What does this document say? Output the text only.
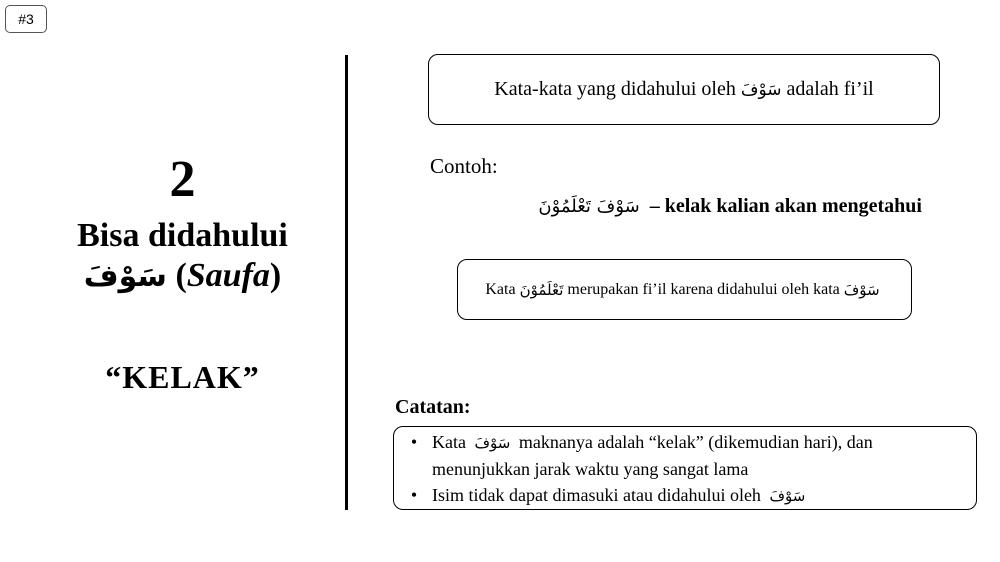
#3
2
Bisa didahului
سَوْفَ (Saufa)
“KELAK”
Kata-kata yang didahului oleh سَوْفَ adalah fi’il
Contoh:
سَوْفَ تَعْلَمُوْنَ – kelak kalian akan mengetahui
Kata تَعْلَمُوْنَ merupakan fi’il karena didahului oleh kata سَوْفَ
Catatan:
• Kata سَوْفَ maknanya adalah “kelak” (dikemudian hari), dan
menunjukkan jarak waktu yang sangat lama
• Isim tidak dapat dimasuki atau didahului oleh سَوْفَ
